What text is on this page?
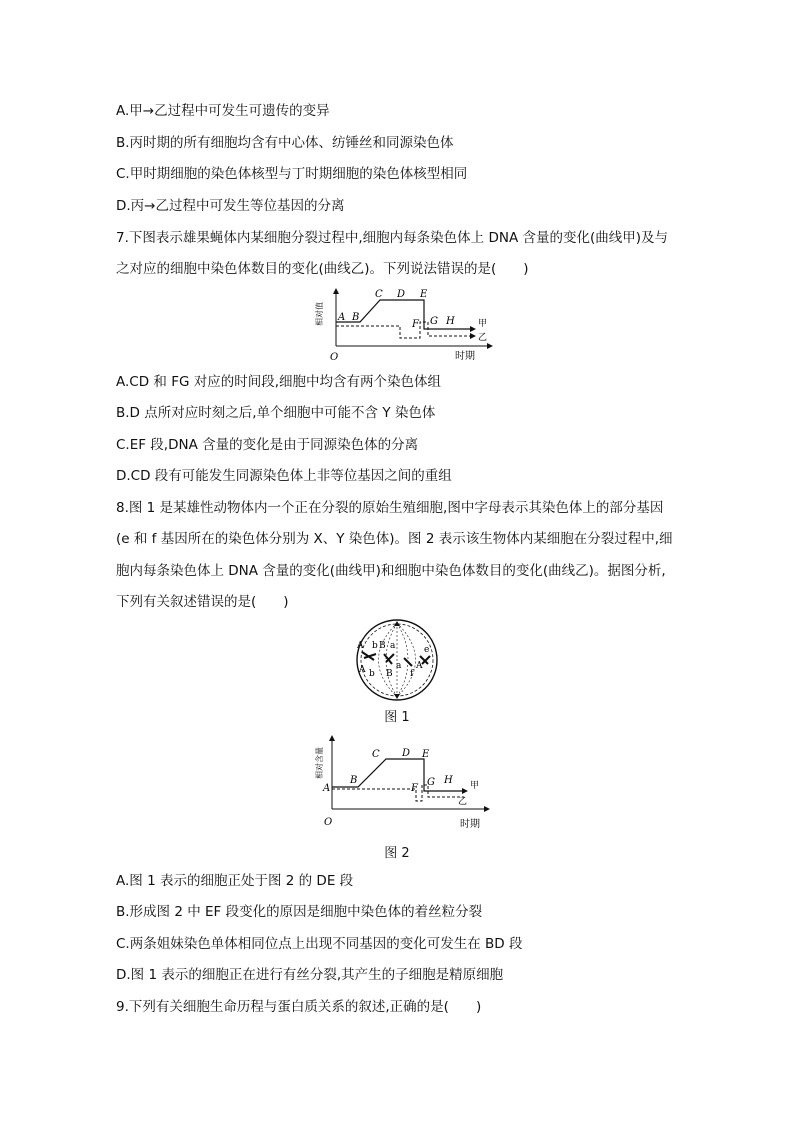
A.甲→乙过程中可发生可遗传的变异
B.丙时期的所有细胞均含有中心体、纺锤丝和同源染色体
C.甲时期细胞的染色体核型与丁时期细胞的染色体核型相同
D.丙→乙过程中可发生等位基因的分离
7.下图表示雄果蝇体内某细胞分裂过程中,细胞内每条染色体上 DNA 含量的变化(曲线甲)及与
之对应的细胞中染色体数目的变化(曲线乙)。下列说法错误的是(　　)
O	时期
相对值 A B
C D E
F G H	甲
乙
A.CD 和 FG 对应的时间段,细胞中均含有两个染色体组
B.D 点所对应时刻之后,单个细胞中可能不含 Y 染色体
C.EF 段,DNA 含量的变化是由于同源染色体的分离
D.CD 段有可能发生同源染色体上非等位基因之间的重组
8.图 1 是某雄性动物体内一个正在分裂的原始生殖细胞,图中字母表示其染色体上的部分基因
(e 和 f 基因所在的染色体分别为 X、Y 染色体)。图 2 表示该生物体内某细胞在分裂过程中,细
胞内每条染色体上 DNA 含量的变化(曲线甲)和细胞中染色体数目的变化(曲线乙)。据图分析,
下列有关叙述错误的是(　　)
A b B a
A b B
a
e
f
A
图 1
O	时期
相对含量
A
B
C D E
F
G H 甲
乙
图 2
A.图 1 表示的细胞正处于图 2 的 DE 段
B.形成图 2 中 EF 段变化的原因是细胞中染色体的着丝粒分裂
C.两条姐妹染色单体相同位点上出现不同基因的变化可发生在 BD 段
D.图 1 表示的细胞正在进行有丝分裂,其产生的子细胞是精原细胞
9.下列有关细胞生命历程与蛋白质关系的叙述,正确的是(　　)
